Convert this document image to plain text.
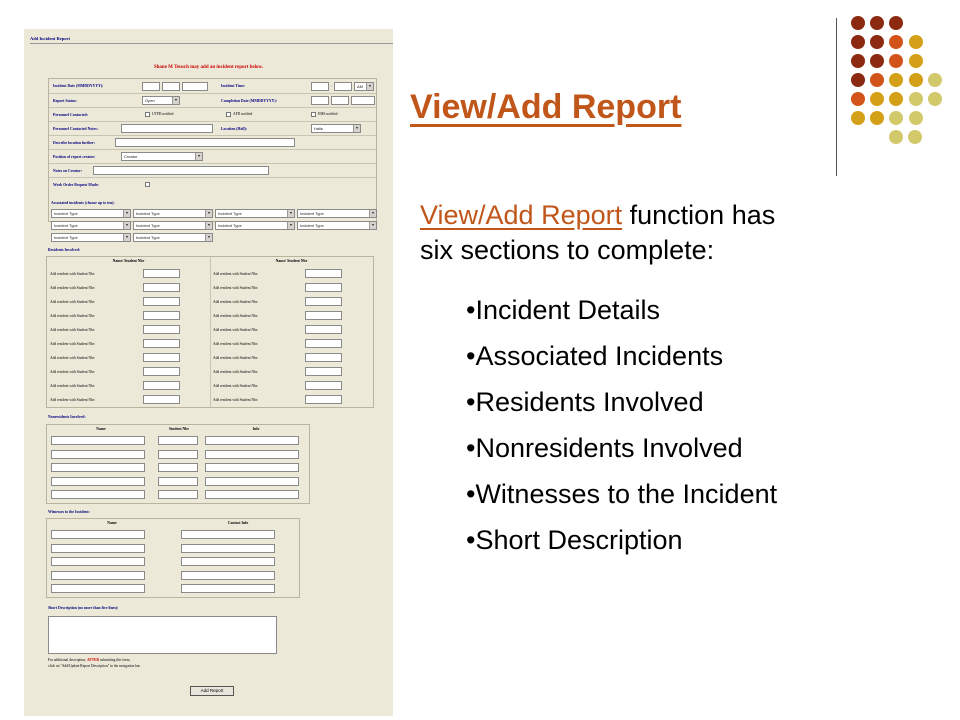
Add Incident Report
Shane M Teusch may add an incident report below.
Incident Date (MMDDYYYY):	Incident Time:	:	AM	▼
Report Status:	Open	▼	Completion Date (MMDDYYYY):
Personnel Contacted:	UTPD notified	AFD notified	EMS notified
Personnel Contacted Notes:	Location (Hall):	Halls	▼
Describe location further:
Position of report creator:	Creator	▼
Notes on Creator:
Work Order Request Made:
Associated incidents (choose up to ten):
Incident Type	▼	Incident Type	▼	Incident Type	▼	Incident Type	▼
Incident Type	▼	Incident Type	▼	Incident Type	▼	Incident Type	▼
Incident Type	▼	Incident Type	▼
Residents Involved:
Name/ Student Nbr	Name/ Student Nbr
Add resident with Student Nbr:	Add resident with Student Nbr:
Add resident with Student Nbr:	Add resident with Student Nbr:
Add resident with Student Nbr:	Add resident with Student Nbr:
Add resident with Student Nbr:	Add resident with Student Nbr:
Add resident with Student Nbr:	Add resident with Student Nbr:
Add resident with Student Nbr:	Add resident with Student Nbr:
Add resident with Student Nbr:	Add resident with Student Nbr:
Add resident with Student Nbr:	Add resident with Student Nbr:
Add resident with Student Nbr:	Add resident with Student Nbr:
Add resident with Student Nbr:	Add resident with Student Nbr:
Nonresidents Involved:
Name	Student Nbr	Info
Witnesses to the Incident:
Name	Contact Info
Short Description (no more than five lines):
For additional description, AFTER submitting this form,
click on "Add/Update Report Description" in the navigation bar.
Add Report
View/Add Report
View/Add Report function has
six sections to complete:
•Incident Details
•Associated Incidents
•Residents Involved
•Nonresidents Involved
•Witnesses to the Incident
•Short Description
